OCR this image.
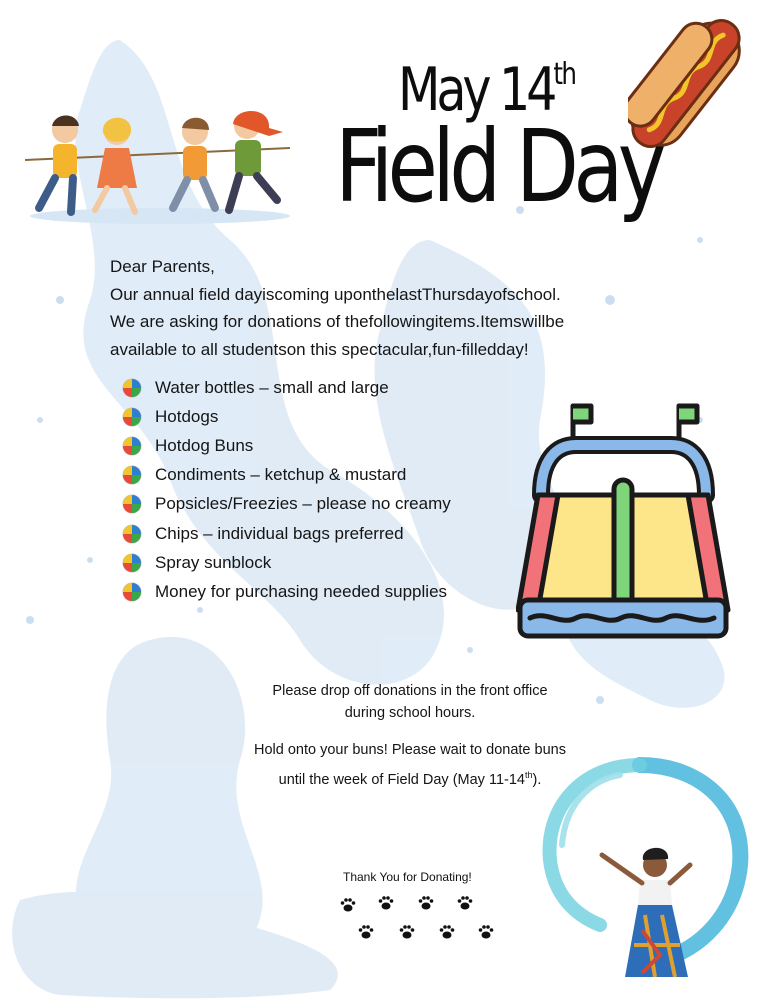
May 14th
Field Day
Dear Parents,
Our annual field dayiscoming uponthelastThursdayofschool.
We are asking for donations of thefollowingitems.Itemswillbe
available to all studentson this spectacular,fun-filledday!
Water bottles – small and large
Hotdogs
Hotdog Buns
Condiments – ketchup & mustard
Popsicles/Freezies – please no creamy
Chips – individual bags preferred
Spray sunblock
Money for purchasing needed supplies
Please drop off donations in the front office
during school hours.
Hold onto your buns! Please wait to donate buns
until the week of Field Day (May 11-14th).
Thank You for Donating!
